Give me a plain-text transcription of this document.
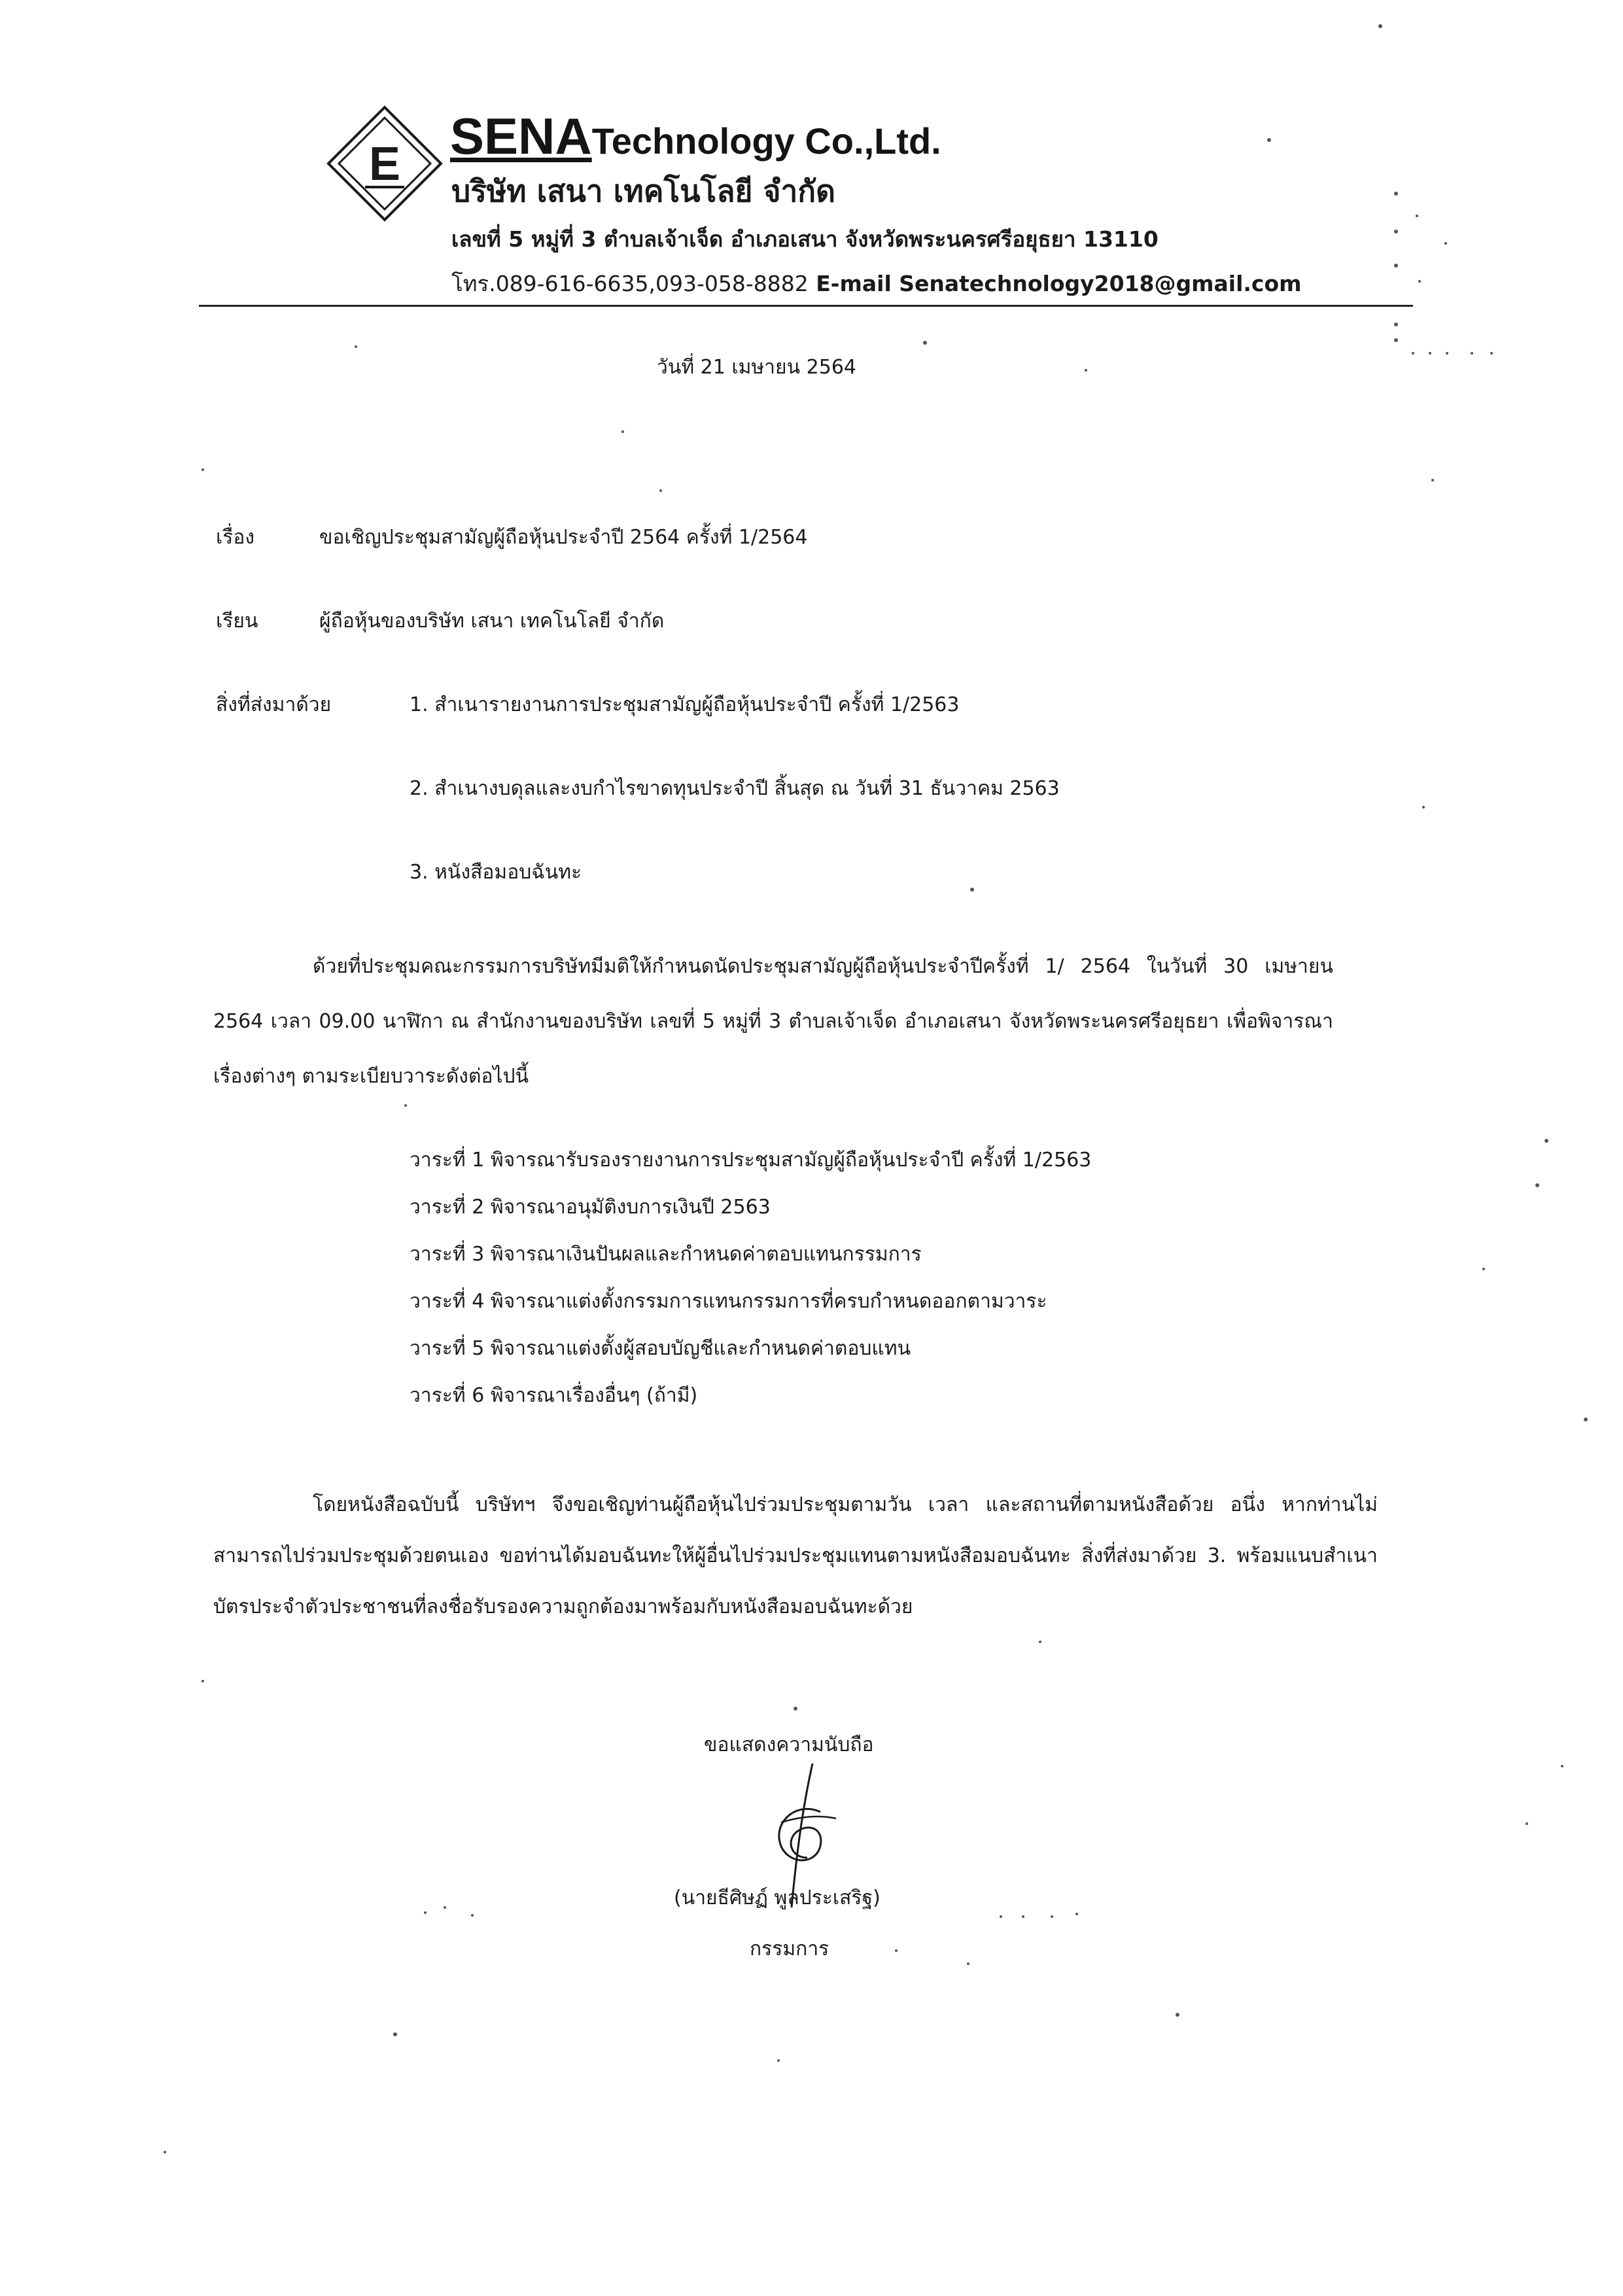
E SENATechnology Co.,Ltd.
บริษัท เสนา เทคโนโลยี จำกัด
เลขที่ 5 หมู่ที่ 3 ตำบลเจ้าเจ็ด อำเภอเสนา จังหวัดพระนครศรีอยุธยา 13110
โทร.089-616-6635,093-058-8882 E-mail Senatechnology2018@gmail.com
วันที่ 21 เมษายน 2564
เรื่อง	ขอเชิญประชุมสามัญผู้ถือหุ้นประจำปี 2564 ครั้งที่ 1/2564
เรียน	ผู้ถือหุ้นของบริษัท เสนา เทคโนโลยี จำกัด
สิ่งที่ส่งมาด้วย	1. สำเนารายงานการประชุมสามัญผู้ถือหุ้นประจำปี ครั้งที่ 1/2563
2. สำเนางบดุลและงบกำไรขาดทุนประจำปี สิ้นสุด ณ วันที่ 31 ธันวาคม 2563
3. หนังสือมอบฉันทะ

ด้วยที่ประชุมคณะกรรมการบริษัทมีมติให้กำหนดนัดประชุมสามัญผู้ถือหุ้นประจำปีครั้งที่ 1/ 2564 ในวันที่ 30 เมษายน 2564 เวลา 09.00 นาฬิกา ณ สำนักงานของบริษัท เลขที่ 5 หมู่ที่ 3 ตำบลเจ้าเจ็ด อำเภอเสนา จังหวัดพระนครศรีอยุธยา เพื่อพิจารณาเรื่องต่างๆ ตามระเบียบวาระดังต่อไปนี้

วาระที่ 1 พิจารณารับรองรายงานการประชุมสามัญผู้ถือหุ้นประจำปี ครั้งที่ 1/2563
วาระที่ 2 พิจารณาอนุมัติงบการเงินปี 2563
วาระที่ 3 พิจารณาเงินปันผลและกำหนดค่าตอบแทนกรรมการ
วาระที่ 4 พิจารณาแต่งตั้งกรรมการแทนกรรมการที่ครบกำหนดออกตามวาระ
วาระที่ 5 พิจารณาแต่งตั้งผู้สอบบัญชีและกำหนดค่าตอบแทน
วาระที่ 6 พิจารณาเรื่องอื่นๆ (ถ้ามี)

โดยหนังสือฉบับนี้ บริษัทฯ จึงขอเชิญท่านผู้ถือหุ้นไปร่วมประชุมตามวัน เวลา และสถานที่ตามหนังสือด้วย อนึ่ง หากท่านไม่สามารถไปร่วมประชุมด้วยตนเอง ขอท่านได้มอบฉันทะให้ผู้อื่นไปร่วมประชุมแทนตามหนังสือมอบฉันทะ สิ่งที่ส่งมาด้วย 3. พร้อมแนบสำเนาบัตรประจำตัวประชาชนที่ลงชื่อรับรองความถูกต้องมาพร้อมกับหนังสือมอบฉันทะด้วย

ขอแสดงความนับถือ
(นายธีศิษฏ์ พูลประเสริฐ)
กรรมการ
